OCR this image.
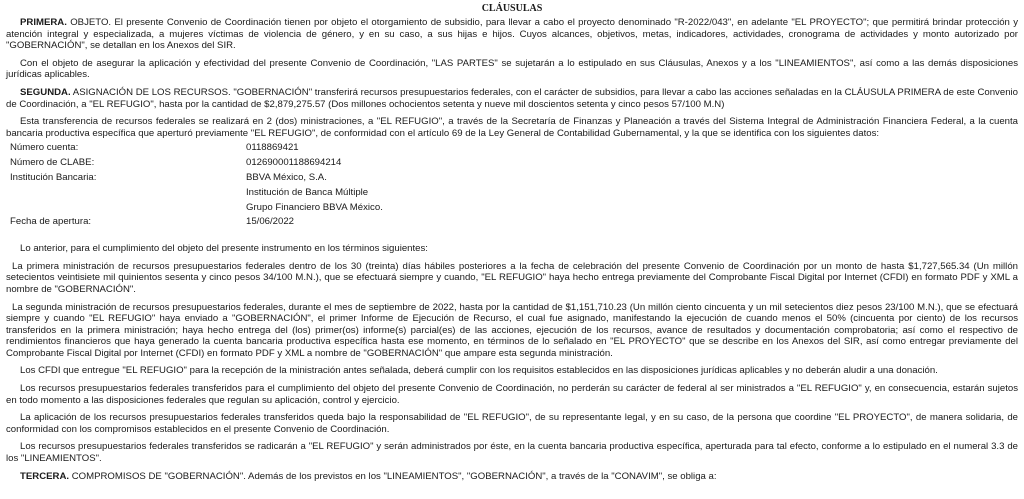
CLÁUSULAS

PRIMERA. OBJETO. El presente Convenio de Coordinación tienen por objeto el otorgamiento de subsidio, para llevar a cabo el proyecto denominado "R-2022/043", en adelante "EL PROYECTO"; que permitirá brindar protección y atención integral y especializada, a mujeres víctimas de violencia de género, y en su caso, a sus hijas e hijos. Cuyos alcances, objetivos, metas, indicadores, actividades, cronograma de actividades y monto autorizado por "GOBERNACIÓN", se detallan en los Anexos del SIR.

Con el objeto de asegurar la aplicación y efectividad del presente Convenio de Coordinación, "LAS PARTES" se sujetarán a lo estipulado en sus Cláusulas, Anexos y a los "LINEAMIENTOS", así como a las demás disposiciones jurídicas aplicables.

SEGUNDA. ASIGNACIÓN DE LOS RECURSOS. "GOBERNACIÓN" transferirá recursos presupuestarios federales, con el carácter de subsidios, para llevar a cabo las acciones señaladas en la CLÁUSULA PRIMERA de este Convenio de Coordinación, a "EL REFUGIO", hasta por la cantidad de $2,879,275.57 (Dos millones ochocientos setenta y nueve mil doscientos setenta y cinco pesos 57/100 M.N)

Esta transferencia de recursos federales se realizará en 2 (dos) ministraciones, a "EL REFUGIO", a través de la Secretaría de Finanzas y Planeación a través del Sistema Integral de Administración Financiera Federal, a la cuenta bancaria productiva específica que aperturó previamente "EL REFUGIO", de conformidad con el artículo 69 de la Ley General de Contabilidad Gubernamental, y la que se identifica con los siguientes datos:

Número cuenta:	0118869421
Número de CLABE:	012690001188694214
Institución Bancaria:	BBVA México, S.A.
	Institución de Banca Múltiple
	Grupo Financiero BBVA México.
Fecha de apertura:	15/06/2022

Lo anterior, para el cumplimiento del objeto del presente instrumento en los términos siguientes:

La primera ministración de recursos presupuestarios federales dentro de los 30 (treinta) días hábiles posteriores a la fecha de celebración del presente Convenio de Coordinación por un monto de hasta $1,727,565.34 (Un millón setecientos veintisiete mil quinientos sesenta y cinco pesos 34/100 M.N.), que se efectuará siempre y cuando, "EL REFUGIO" haya hecho entrega previamente del Comprobante Fiscal Digital por Internet (CFDI) en formato PDF y XML a nombre de "GOBERNACIÓN".

La segunda ministración de recursos presupuestarios federales, durante el mes de septiembre de 2022, hasta por la cantidad de $1,151,710.23 (Un millón ciento cincuenta y un mil setecientos diez pesos 23/100 M.N.), que se efectuará siempre y cuando "EL REFUGIO" haya enviado a "GOBERNACIÓN", el primer Informe de Ejecución de Recurso, el cual fue asignado, manifestando la ejecución de cuando menos el 50% (cincuenta por ciento) de los recursos transferidos en la primera ministración; haya hecho entrega del (los) primer(os) informe(s) parcial(es) de las acciones, ejecución de los recursos, avance de resultados y documentación comprobatoria; así como el respectivo de rendimientos financieros que haya generado la cuenta bancaria productiva específica hasta ese momento, en términos de lo señalado en "EL PROYECTO" que se describe en los Anexos del SIR, así como entregar previamente del Comprobante Fiscal Digital por Internet (CFDI) en formato PDF y XML a nombre de "GOBERNACIÓN" que ampare esta segunda ministración.

Los CFDI que entregue "EL REFUGIO" para la recepción de la ministración antes señalada, deberá cumplir con los requisitos establecidos en las disposiciones jurídicas aplicables y no deberán aludir a una donación.

Los recursos presupuestarios federales transferidos para el cumplimiento del objeto del presente Convenio de Coordinación, no perderán su carácter de federal al ser ministrados a "EL REFUGIO" y, en consecuencia, estarán sujetos en todo momento a las disposiciones federales que regulan su aplicación, control y ejercicio.

La aplicación de los recursos presupuestarios federales transferidos queda bajo la responsabilidad de "EL REFUGIO", de su representante legal, y en su caso, de la persona que coordine "EL PROYECTO", de manera solidaria, de conformidad con los compromisos establecidos en el presente Convenio de Coordinación.

Los recursos presupuestarios federales transferidos se radicarán a "EL REFUGIO" y serán administrados por éste, en la cuenta bancaria productiva específica, aperturada para tal efecto, conforme a lo estipulado en el numeral 3.3 de los "LINEAMIENTOS".

TERCERA. COMPROMISOS DE "GOBERNACIÓN". Además de los previstos en los "LINEAMIENTOS", "GOBERNACIÓN", a través de la "CONAVIM", se obliga a:
